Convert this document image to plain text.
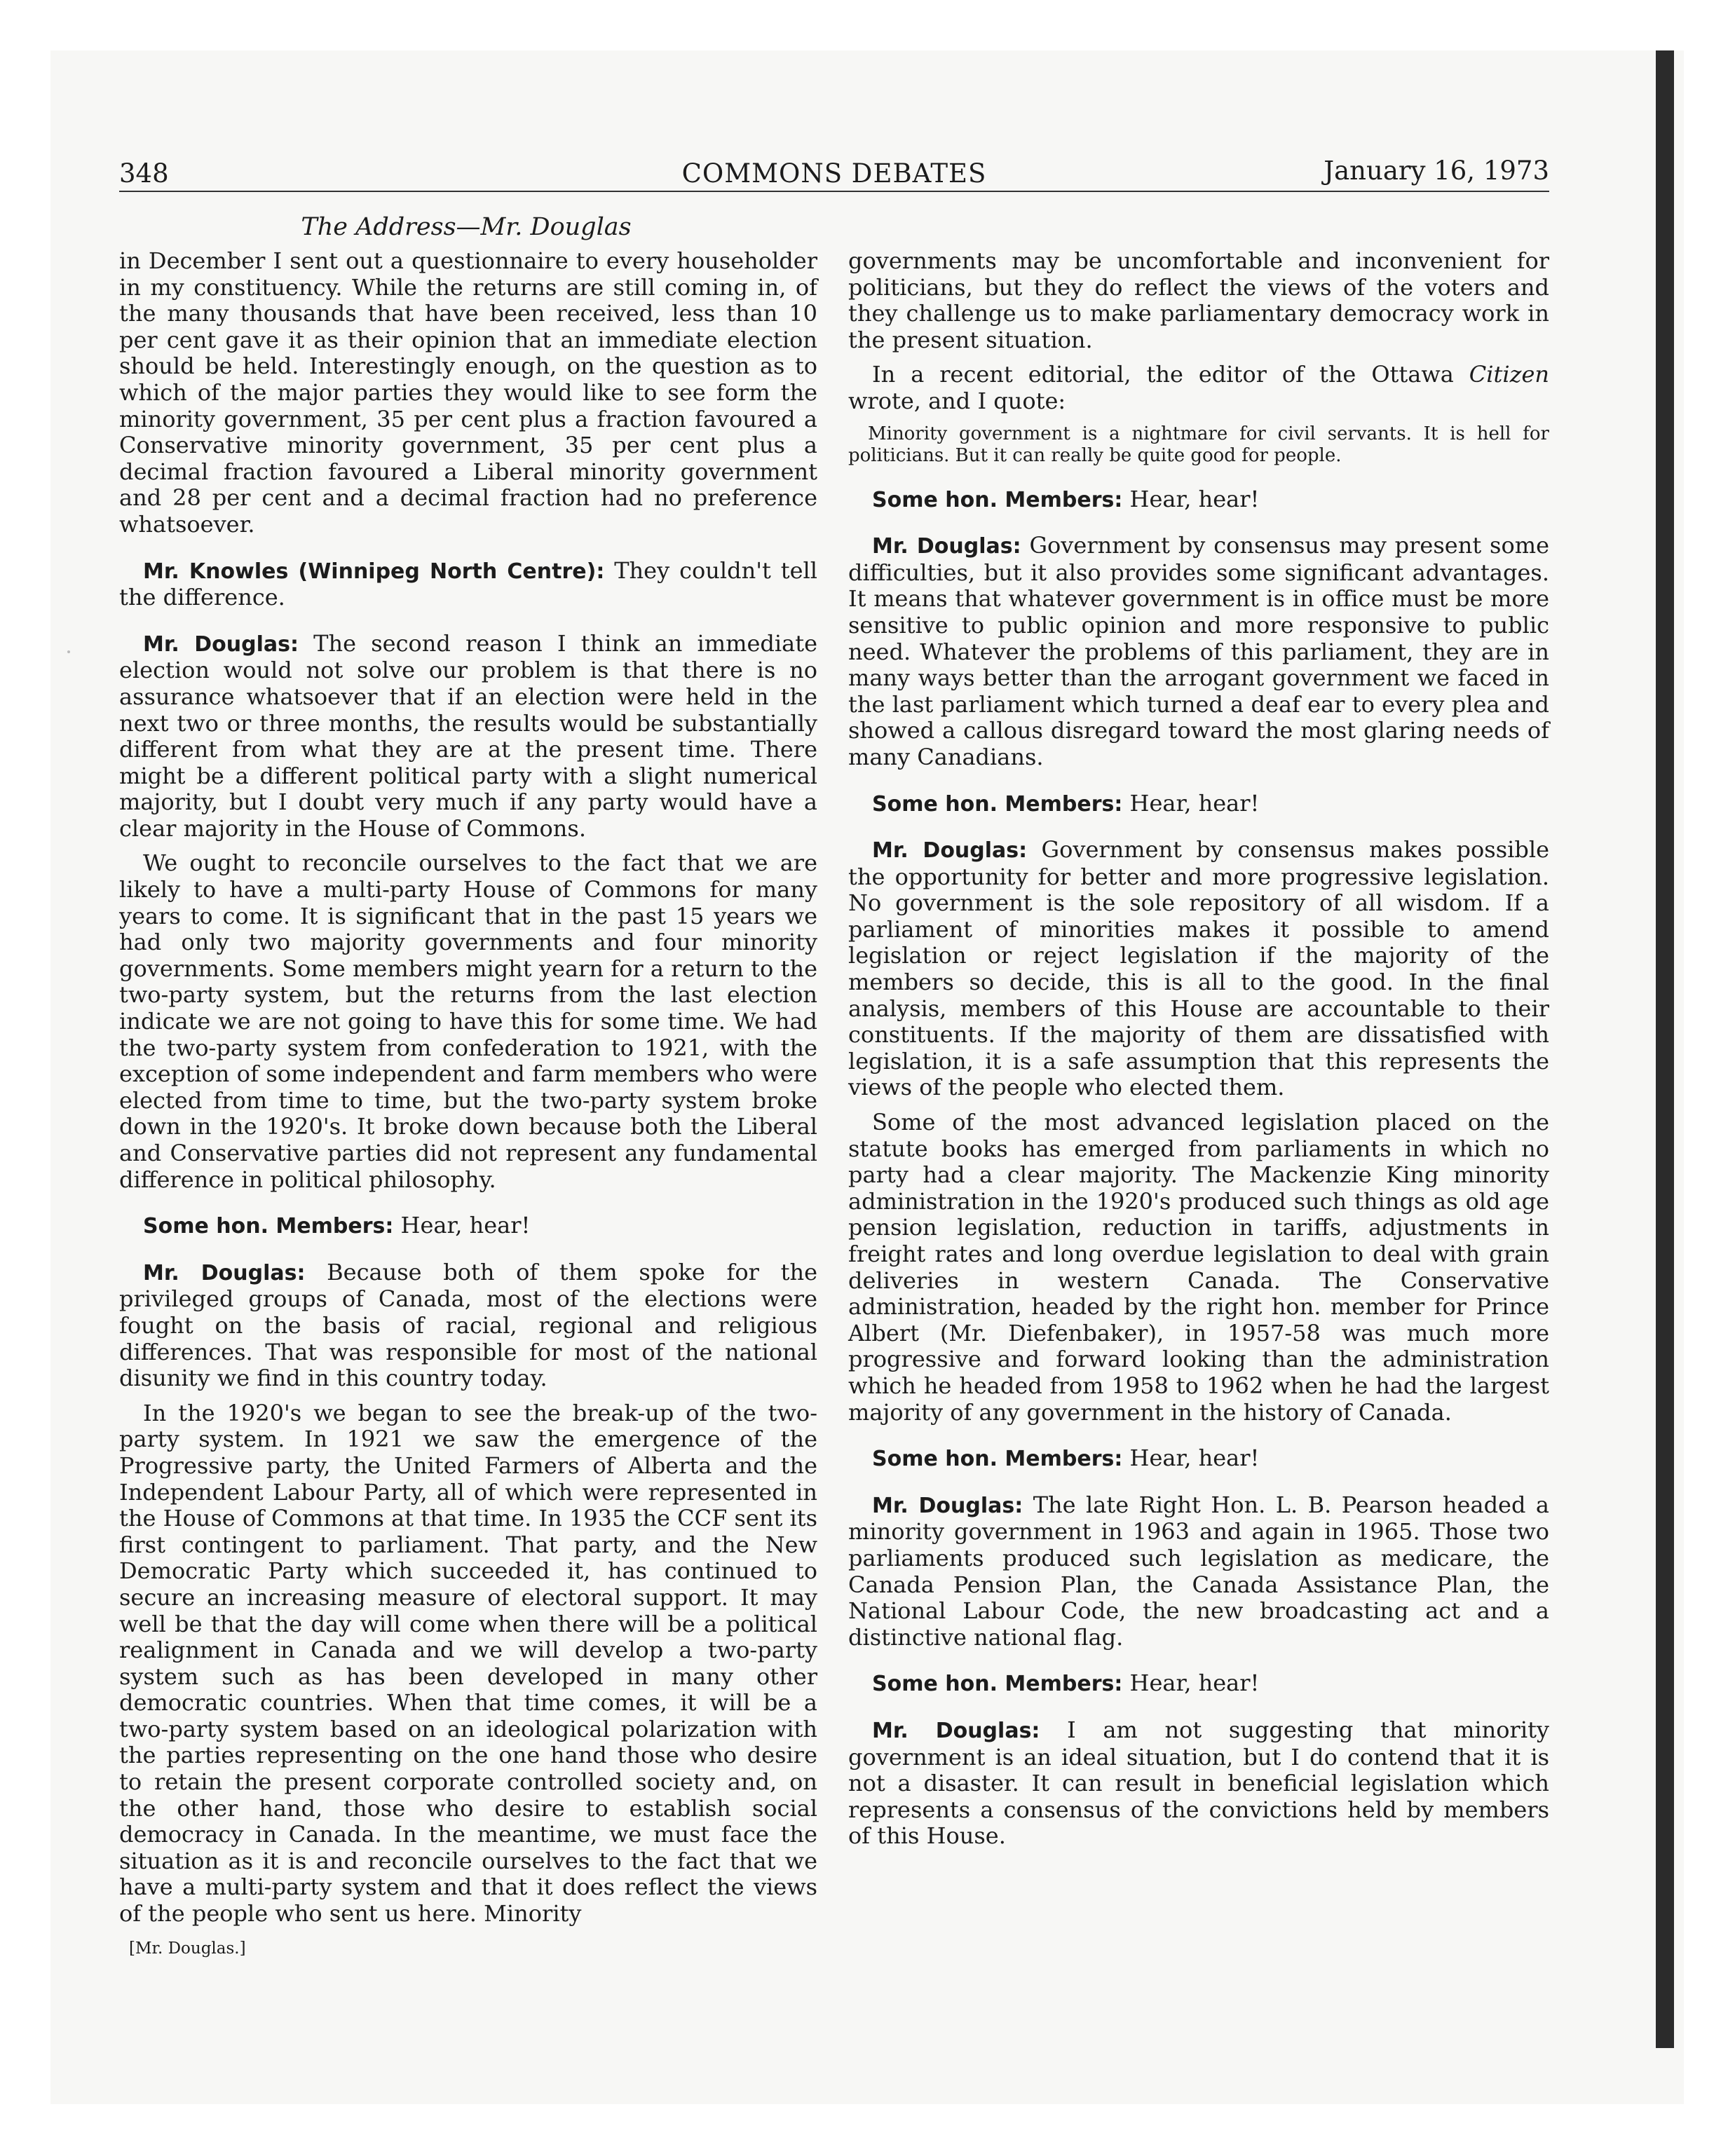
348	COMMONS DEBATES	January 16, 1973
The Address—Mr. Douglas

in December I sent out a questionnaire to every householder in my constituency. While the returns are still coming in, of the many thousands that have been received, less than 10 per cent gave it as their opinion that an immediate election should be held. Interestingly enough, on the question as to which of the major parties they would like to see form the minority government, 35 per cent plus a fraction favoured a Conservative minority government, 35 per cent plus a decimal fraction favoured a Liberal minority government and 28 per cent and a decimal fraction had no preference whatsoever.

Mr. Knowles (Winnipeg North Centre): They couldn't tell the difference.

Mr. Douglas: The second reason I think an immediate election would not solve our problem is that there is no assurance whatsoever that if an election were held in the next two or three months, the results would be substantially different from what they are at the present time. There might be a different political party with a slight numerical majority, but I doubt very much if any party would have a clear majority in the House of Commons.

We ought to reconcile ourselves to the fact that we are likely to have a multi-party House of Commons for many years to come. It is significant that in the past 15 years we had only two majority governments and four minority governments. Some members might yearn for a return to the two-party system, but the returns from the last election indicate we are not going to have this for some time. We had the two-party system from confederation to 1921, with the exception of some independent and farm members who were elected from time to time, but the two-party system broke down in the 1920's. It broke down because both the Liberal and Conservative parties did not represent any fundamental difference in political philosophy.

Some hon. Members: Hear, hear!

Mr. Douglas: Because both of them spoke for the privileged groups of Canada, most of the elections were fought on the basis of racial, regional and religious differences. That was responsible for most of the national disunity we find in this country today.

In the 1920's we began to see the break-up of the two-party system. In 1921 we saw the emergence of the Progressive party, the United Farmers of Alberta and the Independent Labour Party, all of which were represented in the House of Commons at that time. In 1935 the CCF sent its first contingent to parliament. That party, and the New Democratic Party which succeeded it, has continued to secure an increasing measure of electoral support. It may well be that the day will come when there will be a political realignment in Canada and we will develop a two-party system such as has been developed in many other democratic countries. When that time comes, it will be a two-party system based on an ideological polarization with the parties representing on the one hand those who desire to retain the present corporate controlled society and, on the other hand, those who desire to establish social democracy in Canada. In the meantime, we must face the situation as it is and reconcile ourselves to the fact that we have a multi-party system and that it does reflect the views of the people who sent us here. Minority

[Mr. Douglas.]

governments may be uncomfortable and inconvenient for politicians, but they do reflect the views of the voters and they challenge us to make parliamentary democracy work in the present situation.

In a recent editorial, the editor of the Ottawa Citizen wrote, and I quote:

Minority government is a nightmare for civil servants. It is hell for politicians. But it can really be quite good for people.

Some hon. Members: Hear, hear!

Mr. Douglas: Government by consensus may present some difficulties, but it also provides some significant advantages. It means that whatever government is in office must be more sensitive to public opinion and more responsive to public need. Whatever the problems of this parliament, they are in many ways better than the arrogant government we faced in the last parliament which turned a deaf ear to every plea and showed a callous disregard toward the most glaring needs of many Canadians.

Some hon. Members: Hear, hear!

Mr. Douglas: Government by consensus makes possible the opportunity for better and more progressive legislation. No government is the sole repository of all wisdom. If a parliament of minorities makes it possible to amend legislation or reject legislation if the majority of the members so decide, this is all to the good. In the final analysis, members of this House are accountable to their constituents. If the majority of them are dissatisfied with legislation, it is a safe assumption that this represents the views of the people who elected them.

Some of the most advanced legislation placed on the statute books has emerged from parliaments in which no party had a clear majority. The Mackenzie King minority administration in the 1920's produced such things as old age pension legislation, reduction in tariffs, adjustments in freight rates and long overdue legislation to deal with grain deliveries in western Canada. The Conservative administration, headed by the right hon. member for Prince Albert (Mr. Diefenbaker), in 1957-58 was much more progressive and forward looking than the administration which he headed from 1958 to 1962 when he had the largest majority of any government in the history of Canada.

Some hon. Members: Hear, hear!

Mr. Douglas: The late Right Hon. L. B. Pearson headed a minority government in 1963 and again in 1965. Those two parliaments produced such legislation as medicare, the Canada Pension Plan, the Canada Assistance Plan, the National Labour Code, the new broadcasting act and a distinctive national flag.

Some hon. Members: Hear, hear!

Mr. Douglas: I am not suggesting that minority government is an ideal situation, but I do contend that it is not a disaster. It can result in beneficial legislation which represents a consensus of the convictions held by members of this House.
